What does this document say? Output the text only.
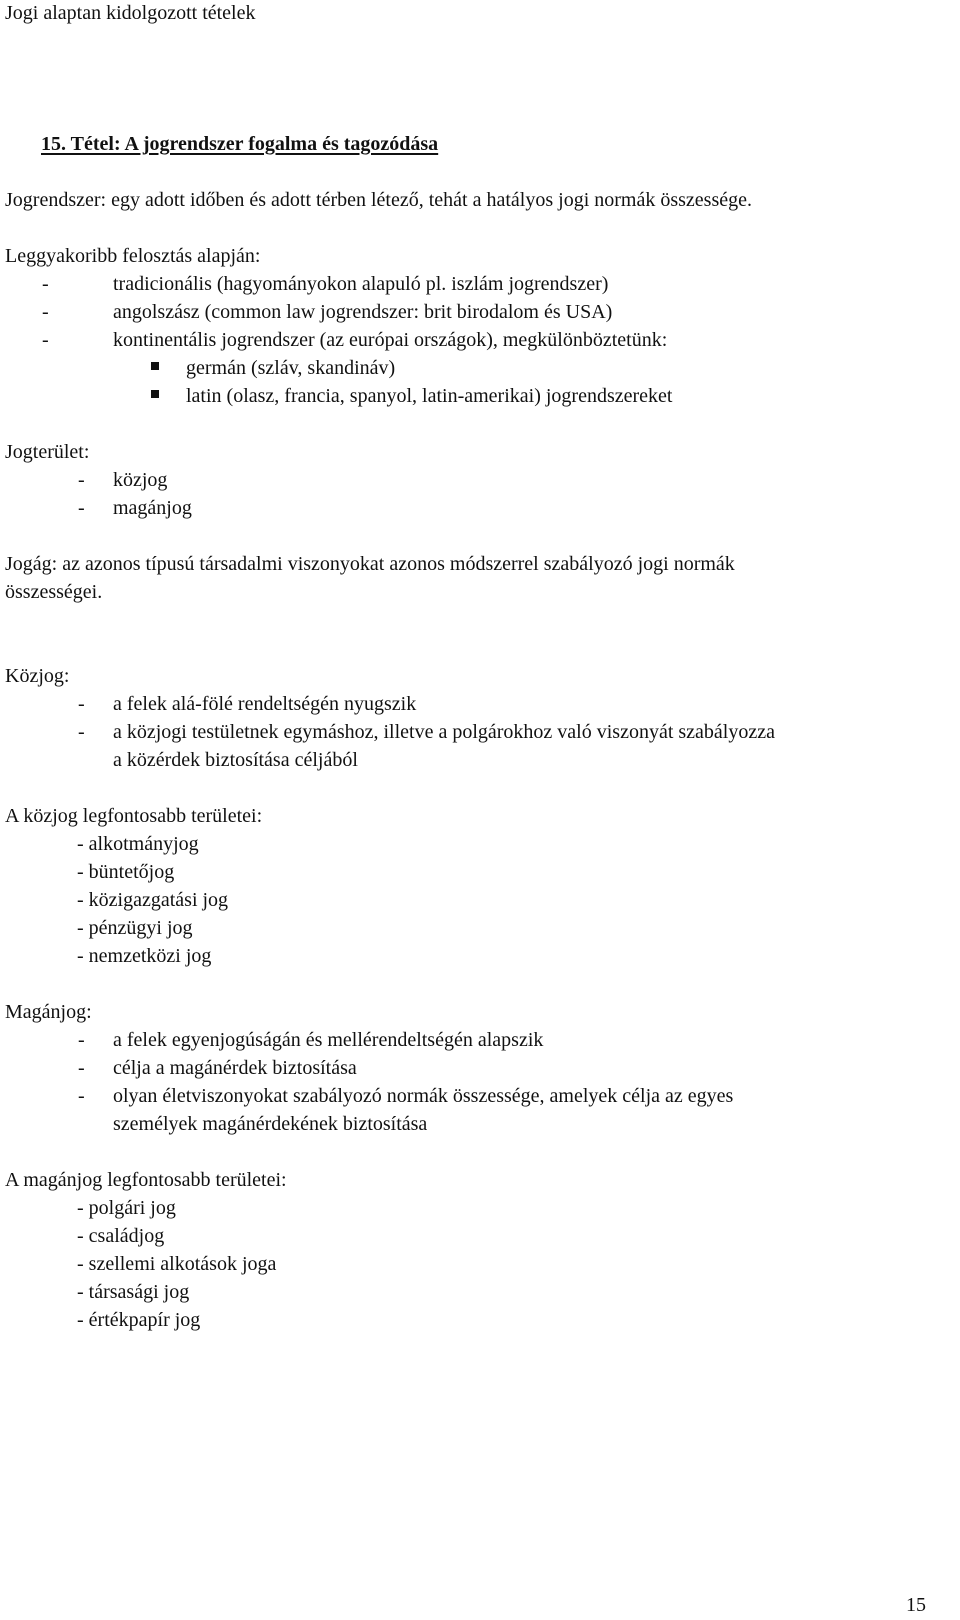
Jogi alaptan kidolgozott tételek
15. Tétel: A jogrendszer fogalma és tagozódása
Jogrendszer: egy adott időben és adott térben létező, tehát a hatályos jogi normák összessége.
Leggyakoribb felosztás alapján:
-	tradicionális (hagyományokon alapuló pl. iszlám jogrendszer)
-	angolszász (common law jogrendszer: brit birodalom és USA)
-	kontinentális jogrendszer (az európai országok), megkülönböztetünk:
germán (szláv, skandináv)
latin (olasz, francia, spanyol, latin-amerikai) jogrendszereket
Jogterület:
- közjog
- magánjog
Jogág: az azonos típusú társadalmi viszonyokat azonos módszerrel szabályozó jogi normák
összességei.
Közjog:
- a felek alá-fölé rendeltségén nyugszik
- a közjogi testületnek egymáshoz, illetve a polgárokhoz való viszonyát szabályozza
a közérdek biztosítása céljából
A közjog legfontosabb területei:
- alkotmányjog
- büntetőjog
- közigazgatási jog
- pénzügyi jog
- nemzetközi jog
Magánjog:
- a felek egyenjogúságán és mellérendeltségén alapszik
- célja a magánérdek biztosítása
- olyan életviszonyokat szabályozó normák összessége, amelyek célja az egyes
személyek magánérdekének biztosítása
A magánjog legfontosabb területei:
- polgári jog
- családjog
- szellemi alkotások joga
- társasági jog
- értékpapír jog
15
